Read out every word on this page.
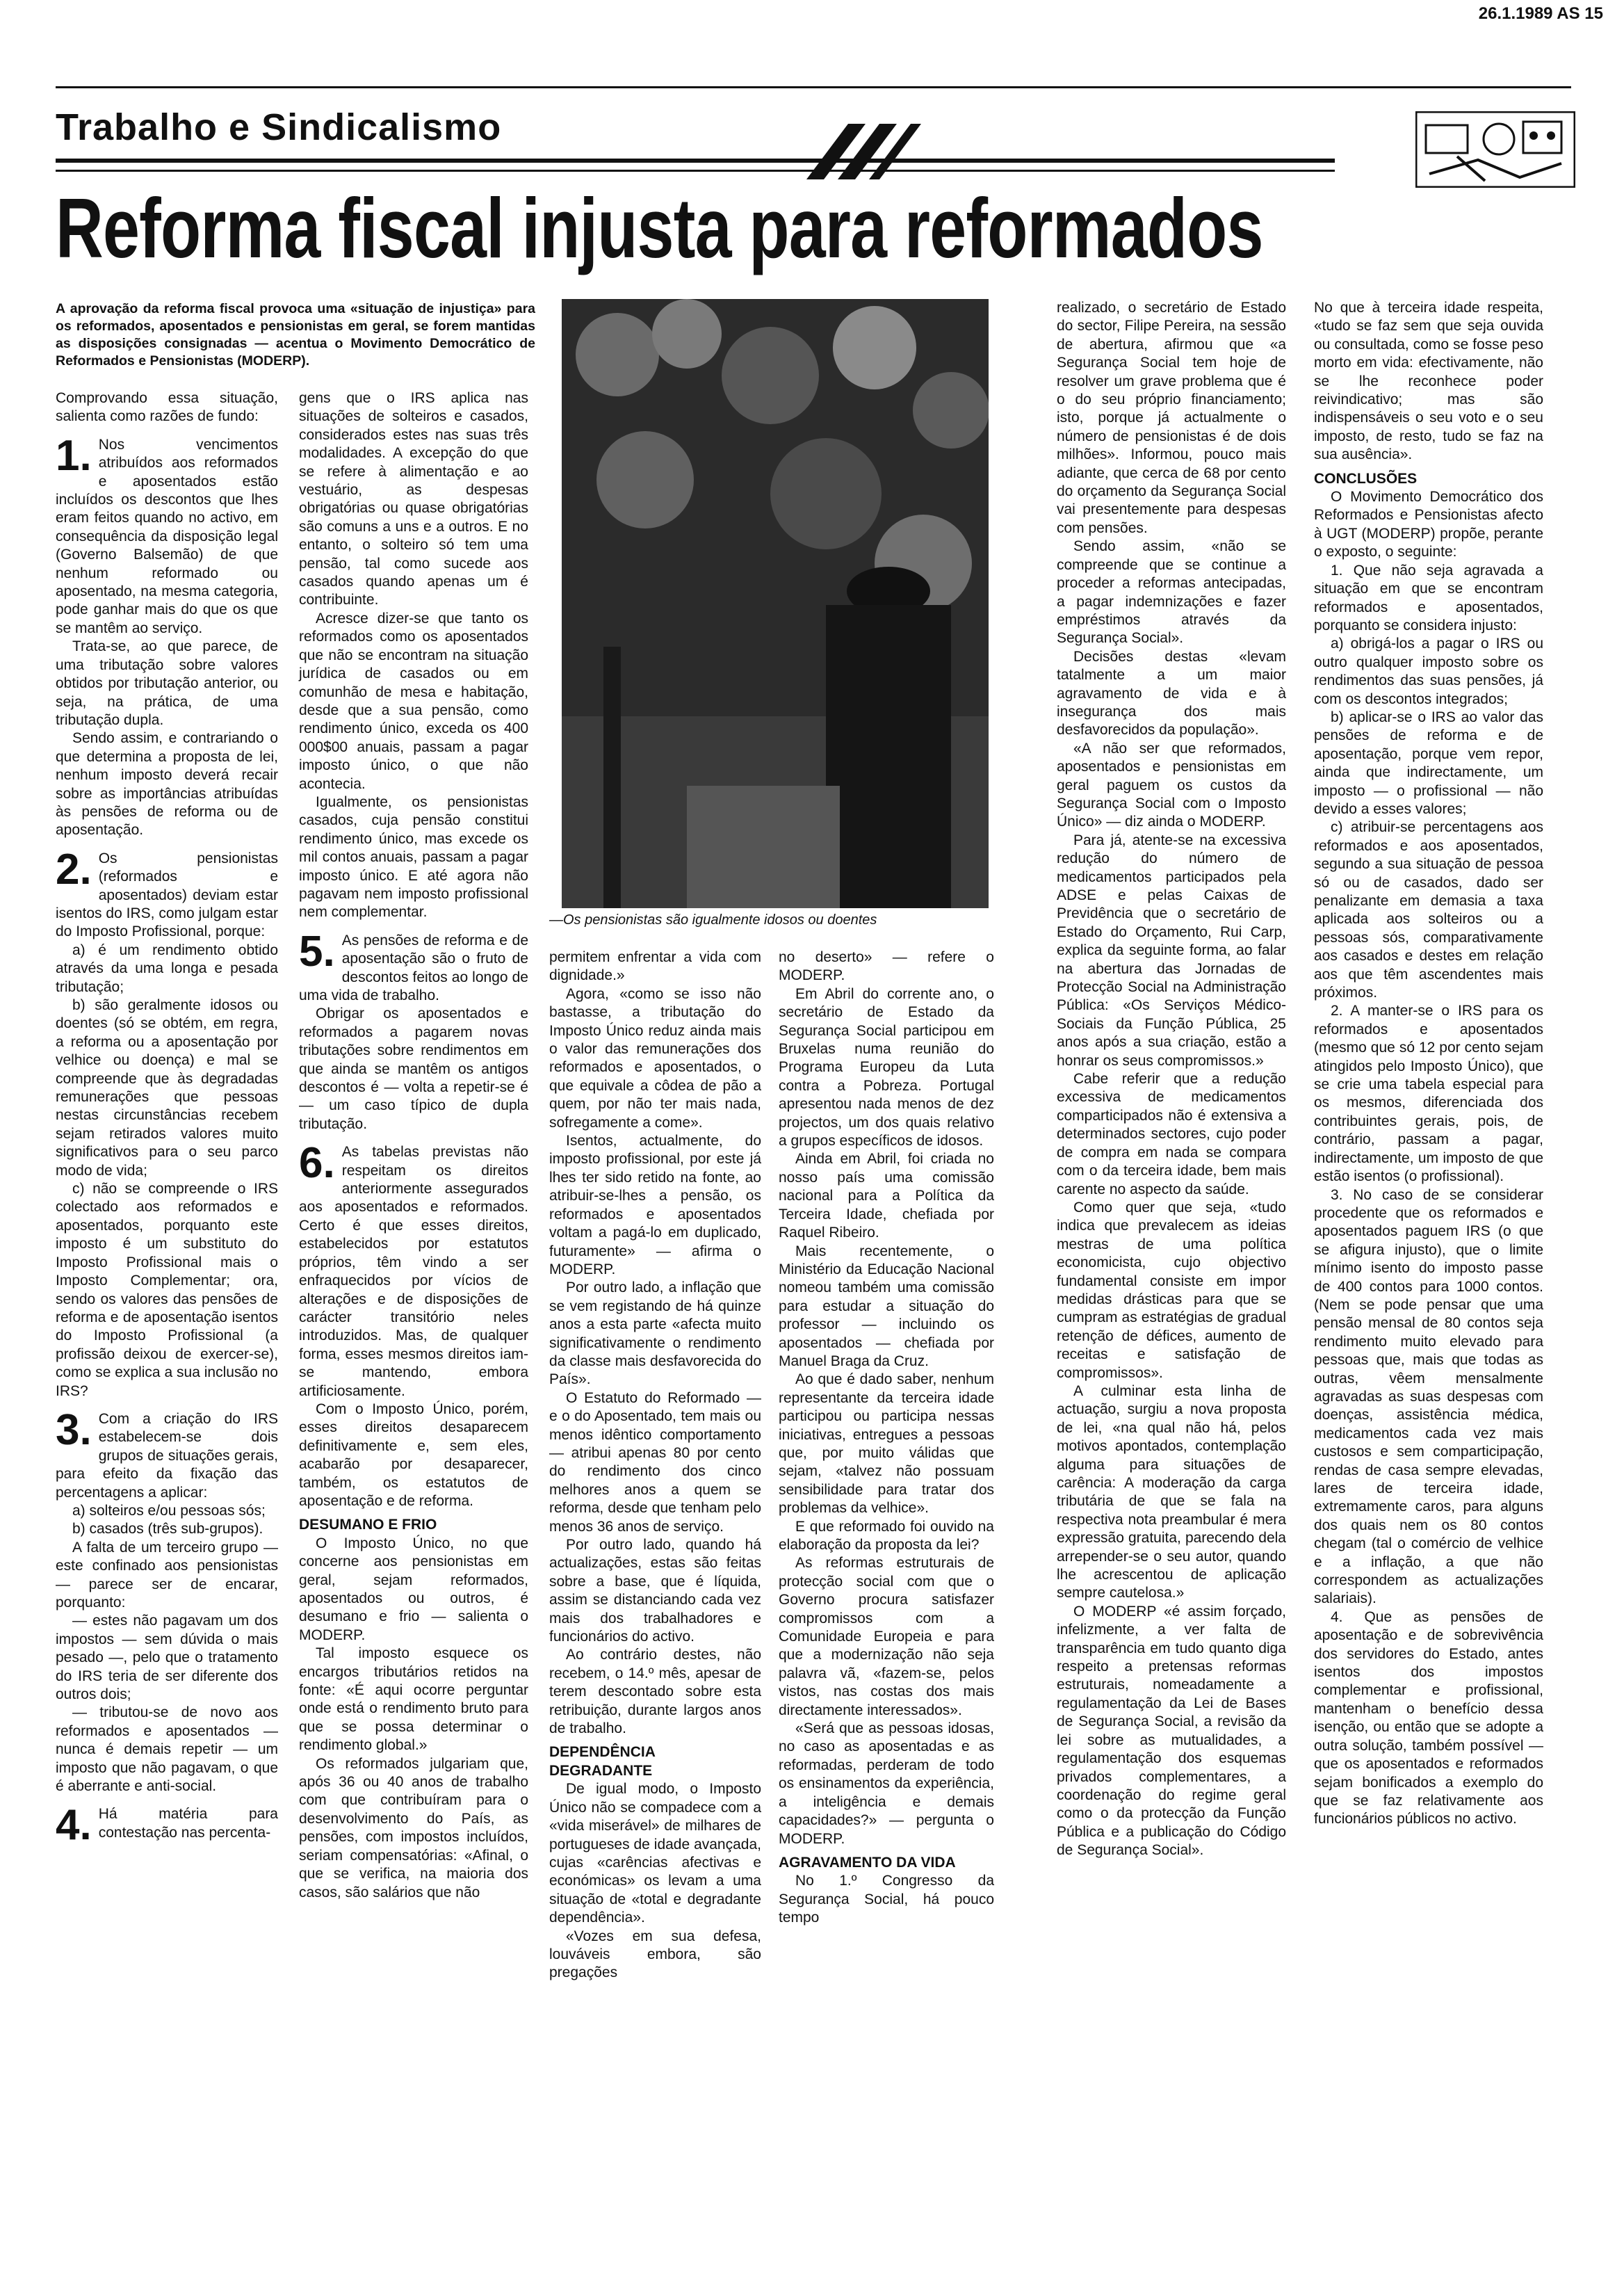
26.1.1989 AS 15
Trabalho e Sindicalismo
Reforma fiscal injusta para reformados
A aprovação da reforma fiscal provoca uma «situação de injustiça» para os reformados, aposentados e pensionistas em geral, se forem mantidas as disposições consignadas — acentua o Movimento Democrático de Reformados e Pensionistas (MODERP).

Comprovando essa situação, salienta como razões de fundo:

1. Nos vencimentos atribuídos aos reformados e aposentados estão incluídos os descontos que lhes eram feitos quando no activo, em consequência da disposição legal (Governo Balsemão) de que nenhum reformado ou aposentado, na mesma categoria, pode ganhar mais do que os que se mantêm ao serviço.

Trata-se, ao que parece, de uma tributação sobre valores obtidos por tributação anterior, ou seja, na prática, de uma tributação dupla.

Sendo assim, e contrariando o que determina a proposta de lei, nenhum imposto deverá recair sobre as importâncias atribuídas às pensões de reforma ou de aposentação.

2. Os pensionistas (reformados e aposentados) deviam estar isentos do IRS, como julgam estar do Imposto Profissional, porque:

a) é um rendimento obtido através da uma longa e pesada tributação;

b) são geralmente idosos ou doentes (só se obtém, em regra, a reforma ou a aposentação por velhice ou doença) e mal se compreende que às degradadas remunerações que pessoas nestas circunstâncias recebem sejam retirados valores muito significativos para o seu parco modo de vida;

c) não se compreende o IRS colectado aos reformados e aposentados, porquanto este imposto é um substituto do Imposto Profissional mais o Imposto Complementar; ora, sendo os valores das pensões de reforma e de aposentação isentos do Imposto Profissional (a profissão deixou de exercer-se), como se explica a sua inclusão no IRS?

3. Com a criação do IRS estabelecem-se dois grupos de situações gerais, para efeito da fixação das percentagens a aplicar:

a) solteiros e/ou pessoas sós;

b) casados (três sub-grupos).

A falta de um terceiro grupo — este confinado aos pensionistas — parece ser de encarar, porquanto:

— estes não pagavam um dos impostos — sem dúvida o mais pesado —, pelo que o tratamento do IRS teria de ser diferente dos outros dois;

— tributou-se de novo aos reformados e aposentados — nunca é demais repetir — um imposto que não pagavam, o que é aberrante e anti-social.

4. Há matéria para contestação nas percenta-

gens que o IRS aplica nas situações de solteiros e casados, considerados estes nas suas três modalidades. A excepção do que se refere à alimentação e ao vestuário, as despesas obrigatórias ou quase obrigatórias são comuns a uns e a outros. E no entanto, o solteiro só tem uma pensão, tal como sucede aos casados quando apenas um é contribuinte.

Acresce dizer-se que tanto os reformados como os aposentados que não se encontram na situação jurídica de casados ou em comunhão de mesa e habitação, desde que a sua pensão, como rendimento único, exceda os 400 000$00 anuais, passam a pagar imposto único, o que não acontecia.

Igualmente, os pensionistas casados, cuja pensão constitui rendimento único, mas excede os mil contos anuais, passam a pagar imposto único. E até agora não pagavam nem imposto profissional nem complementar.

5. As pensões de reforma e de aposentação são o fruto de descontos feitos ao longo de uma vida de trabalho.

Obrigar os aposentados e reformados a pagarem novas tributações sobre rendimentos em que ainda se mantêm os antigos descontos é — volta a repetir-se é — um caso típico de dupla tributação.

6. As tabelas previstas não respeitam os direitos anteriormente assegurados aos aposentados e reformados. Certo é que esses direitos, estabelecidos por estatutos próprios, têm vindo a ser enfraquecidos por vícios de alterações e de disposições de carácter transitório neles introduzidos. Mas, de qualquer forma, esses mesmos direitos iam-se mantendo, embora artificiosamente.

Com o Imposto Único, porém, esses direitos desaparecem definitivamente e, sem eles, acabarão por desaparecer, também, os estatutos de aposentação e de reforma.

DESUMANO E FRIO

O Imposto Único, no que concerne aos pensionistas em geral, sejam reformados, aposentados ou outros, é desumano e frio — salienta o MODERP.

Tal imposto esquece os encargos tributários retidos na fonte: «É aqui ocorre perguntar onde está o rendimento bruto para que se possa determinar o rendimento global.»

Os reformados julgariam que, após 36 ou 40 anos de trabalho com que contribuíram para o desenvolvimento do País, as pensões, com impostos incluídos, seriam compensatórias: «Afinal, o que se verifica, na maioria dos casos, são salários que não

—Os pensionistas são igualmente idosos ou doentes

permitem enfrentar a vida com dignidade.»

Agora, «como se isso não bastasse, a tributação do Imposto Único reduz ainda mais o valor das remunerações dos reformados e aposentados, o que equivale a côdea de pão a quem, por não ter mais nada, sofregamente a come».

Isentos, actualmente, do imposto profissional, por este já lhes ter sido retido na fonte, ao atribuir-se-lhes a pensão, os reformados e aposentados voltam a pagá-lo em duplicado, futuramente» — afirma o MODERP.

Por outro lado, a inflação que se vem registando de há quinze anos a esta parte «afecta muito significativamente o rendimento da classe mais desfavorecida do País».

O Estatuto do Reformado — e o do Aposentado, tem mais ou menos idêntico comportamento — atribui apenas 80 por cento do rendimento dos cinco melhores anos a quem se reforma, desde que tenham pelo menos 36 anos de serviço.

Por outro lado, quando há actualizações, estas são feitas sobre a base, que é líquida, assim se distanciando cada vez mais dos trabalhadores e funcionários do activo.

Ao contrário destes, não recebem, o 14.º mês, apesar de terem descontado sobre esta retribuição, durante largos anos de trabalho.

DEPENDÊNCIA DEGRADANTE

De igual modo, o Imposto Único não se compadece com a «vida miserável» de milhares de portugueses de idade avançada, cujas «carências afectivas e económicas» os levam a uma situação de «total e degradante dependência».

«Vozes em sua defesa, louváveis embora, são pregações

no deserto» — refere o MODERP.

Em Abril do corrente ano, o secretário de Estado da Segurança Social participou em Bruxelas numa reunião do Programa Europeu da Luta contra a Pobreza. Portugal apresentou nada menos de dez projectos, um dos quais relativo a grupos específicos de idosos.

Ainda em Abril, foi criada no nosso país uma comissão nacional para a Política da Terceira Idade, chefiada por Raquel Ribeiro.

Mais recentemente, o Ministério da Educação Nacional nomeou também uma comissão para estudar a situação do professor — incluindo os aposentados — chefiada por Manuel Braga da Cruz.

Ao que é dado saber, nenhum representante da terceira idade participou ou participa nessas iniciativas, entregues a pessoas que, por muito válidas que sejam, «talvez não possuam sensibilidade para tratar dos problemas da velhice».

E que reformado foi ouvido na elaboração da proposta da lei?

As reformas estruturais de protecção social com que o Governo procura satisfazer compromissos com a Comunidade Europeia e para que a modernização não seja palavra vã, «fazem-se, pelos vistos, nas costas dos mais directamente interessados».

«Será que as pessoas idosas, no caso as aposentadas e as reformadas, perderam de todo os ensinamentos da experiência, a inteligência e demais capacidades?» — pergunta o MODERP.

AGRAVAMENTO DA VIDA

No 1.º Congresso da Segurança Social, há pouco tempo

realizado, o secretário de Estado do sector, Filipe Pereira, na sessão de abertura, afirmou que «a Segurança Social tem hoje de resolver um grave problema que é o do seu próprio financiamento; isto, porque já actualmente o número de pensionistas é de dois milhões». Informou, pouco mais adiante, que cerca de 68 por cento do orçamento da Segurança Social vai presentemente para despesas com pensões.

Sendo assim, «não se compreende que se continue a proceder a reformas antecipadas, a pagar indemnizações e fazer empréstimos através da Segurança Social».

Decisões destas «levam tatalmente a um maior agravamento de vida e à insegurança dos mais desfavorecidos da população».

«A não ser que reformados, aposentados e pensionistas em geral paguem os custos da Segurança Social com o Imposto Único» — diz ainda o MODERP.

Para já, atente-se na excessiva redução do número de medicamentos participados pela ADSE e pelas Caixas de Previdência que o secretário de Estado do Orçamento, Rui Carp, explica da seguinte forma, ao falar na abertura das Jornadas de Protecção Social na Administração Pública: «Os Serviços Médico-Sociais da Função Pública, 25 anos após a sua criação, estão a honrar os seus compromissos.»

Cabe referir que a redução excessiva de medicamentos comparticipados não é extensiva a determinados sectores, cujo poder de compra em nada se compara com o da terceira idade, bem mais carente no aspecto da saúde.

Como quer que seja, «tudo indica que prevalecem as ideias mestras de uma política economicista, cujo objectivo fundamental consiste em impor medidas drásticas para que se cumpram as estratégias de gradual retenção de défices, aumento de receitas e satisfação de compromissos».

A culminar esta linha de actuação, surgiu a nova proposta de lei, «na qual não há, pelos motivos apontados, contemplação alguma para situações de carência: A moderação da carga tributária de que se fala na respectiva nota preambular é mera expressão gratuita, parecendo dela arrepender-se o seu autor, quando lhe acrescentou de aplicação sempre cautelosa.»

O MODERP «é assim forçado, infelizmente, a ver falta de transparência em tudo quanto diga respeito a pretensas reformas estruturais, nomeadamente a regulamentação da Lei de Bases de Segurança Social, a revisão da lei sobre as mutualidades, a regulamentação dos esquemas privados complementares, a coordenação do regime geral como o da protecção da Função Pública e a publicação do Código de Segurança Social».

No que à terceira idade respeita, «tudo se faz sem que seja ouvida ou consultada, como se fosse peso morto em vida: efectivamente, não se lhe reconhece poder reivindicativo; mas são indispensáveis o seu voto e o seu imposto, de resto, tudo se faz na sua ausência».

CONCLUSÕES

O Movimento Democrático dos Reformados e Pensionistas afecto à UGT (MODERP) propõe, perante o exposto, o seguinte:

1. Que não seja agravada a situação em que se encontram reformados e aposentados, porquanto se considera injusto:

a) obrigá-los a pagar o IRS ou outro qualquer imposto sobre os rendimentos das suas pensões, já com os descontos integrados;

b) aplicar-se o IRS ao valor das pensões de reforma e de aposentação, porque vem repor, ainda que indirectamente, um imposto — o profissional — não devido a esses valores;

c) atribuir-se percentagens aos reformados e aos aposentados, segundo a sua situação de pessoa só ou de casados, dado ser penalizante em demasia a taxa aplicada aos solteiros ou a pessoas sós, comparativamente aos casados e destes em relação aos que têm ascendentes mais próximos.

2. A manter-se o IRS para os reformados e aposentados (mesmo que só 12 por cento sejam atingidos pelo Imposto Único), que se crie uma tabela especial para os mesmos, diferenciada dos contribuintes gerais, pois, de contrário, passam a pagar, indirectamente, um imposto de que estão isentos (o profissional).

3. No caso de se considerar procedente que os reformados e aposentados paguem IRS (o que se afigura injusto), que o limite mínimo isento do imposto passe de 400 contos para 1000 contos. (Nem se pode pensar que uma pensão mensal de 80 contos seja rendimento muito elevado para pessoas que, mais que todas as outras, vêem mensalmente agravadas as suas despesas com doenças, assistência médica, medicamentos cada vez mais custosos e sem comparticipação, rendas de casa sempre elevadas, lares de terceira idade, extremamente caros, para alguns dos quais nem os 80 contos chegam (tal o comércio de velhice e a inflação, a que não correspondem as actualizações salariais).

4. Que as pensões de aposentação e de sobrevivência dos servidores do Estado, antes isentos dos impostos complementar e profissional, mantenham o benefício dessa isenção, ou então que se adopte a outra solução, também possível — que os aposentados e reformados sejam bonificados a exemplo do que se faz relativamente aos funcionários públicos no activo.
